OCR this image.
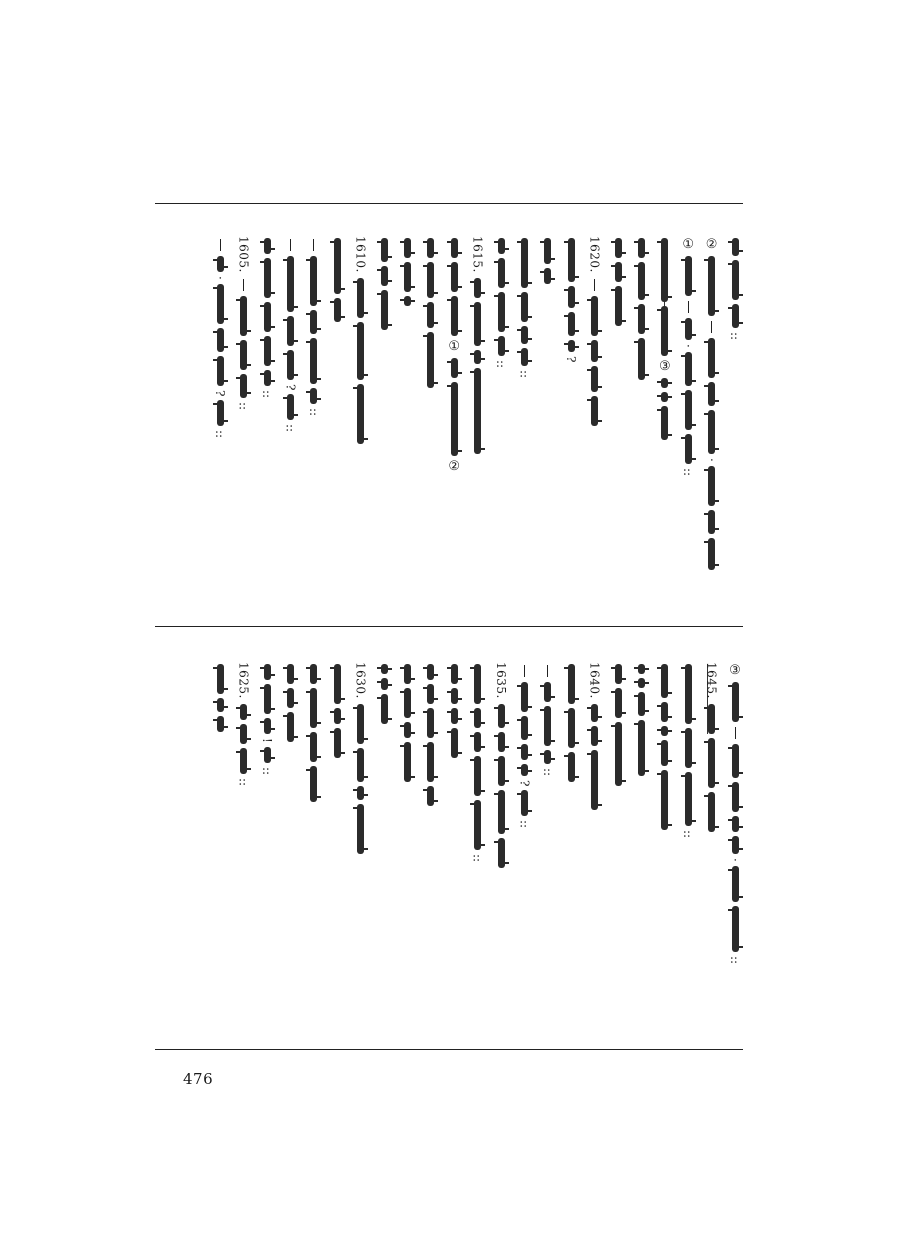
::
②
·
①
·
::
③
1620.
?
::
::
1615.
①
②
1610.
::
?
::
::
1605.
::
·
?
::
③
·
::
1645.
::
1640.
::
?
::
1635.
::
1630.
!
::
1625.
::
476
